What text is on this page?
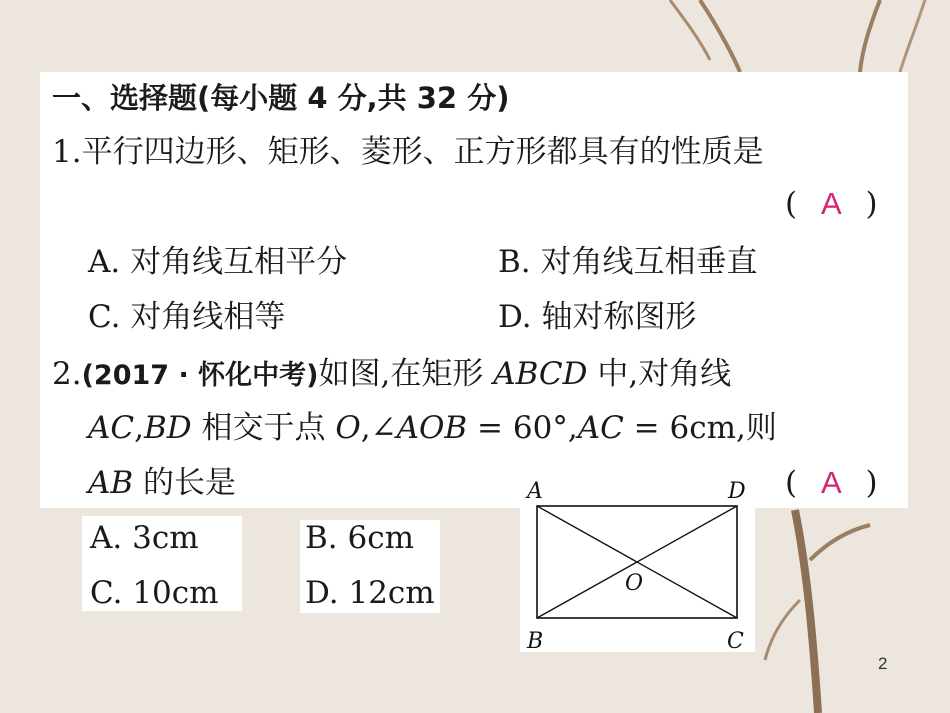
一、选择题(每小题 4 分,共 32 分)
1.平行四边形、矩形、菱形、正方形都具有的性质是
( A )
A. 对角线互相平分	B. 对角线互相垂直
C. 对角线相等	D. 轴对称图形
2.(2017 · 怀化中考)如图,在矩形 ABCD 中,对角线
AC,BD 相交于点 O,∠AOB = 60°,AC = 6cm,则
AB 的长是	( A )
A. 3cm	B. 6cm
C. 10cm	D. 12cm
A	D
B	C
O
2
